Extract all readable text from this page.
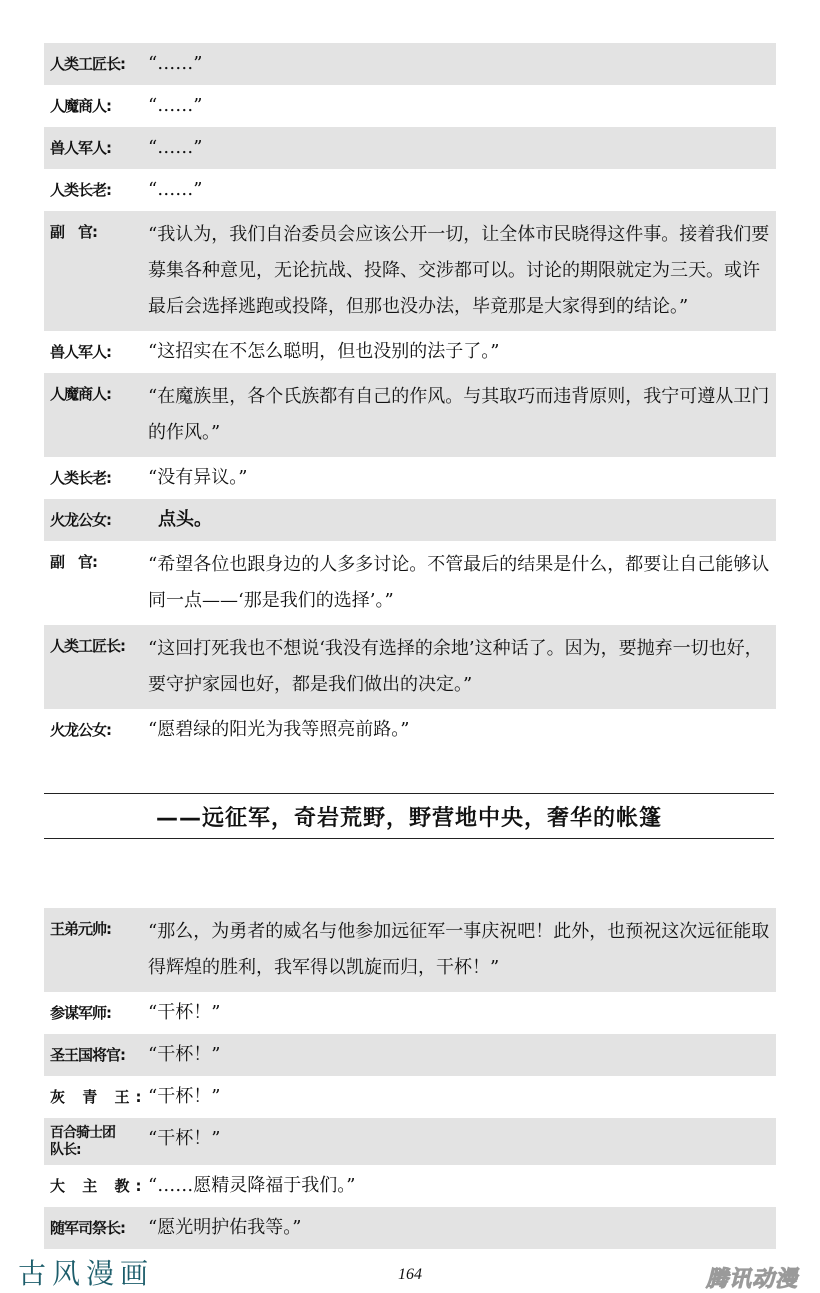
人类工匠长:	“……”
人魔商人:	“……”
兽人军人:	“……”
人类长老:	“……”
副　官:	“我认为，我们自治委员会应该公开一切，让全体市民晓得这件事。接着我们要募集各种意见，无论抗战、投降、交涉都可以。讨论的期限就定为三天。或许最后会选择逃跑或投降，但那也没办法，毕竟那是大家得到的结论。”
兽人军人:	“这招实在不怎么聪明，但也没别的法子了。”
人魔商人:	“在魔族里，各个氏族都有自己的作风。与其取巧而违背原则，我宁可遵从卫门的作风。”
人类长老:	“没有异议。”
火龙公女:	点头。
副　官:	“希望各位也跟身边的人多多讨论。不管最后的结果是什么，都要让自己能够认同一点——‘那是我们的选择’。”
人类工匠长:	“这回打死我也不想说‘我没有选择的余地’这种话了。因为，要抛弃一切也好，要守护家园也好，都是我们做出的决定。”
火龙公女:	“愿碧绿的阳光为我等照亮前路。”
——远征军，奇岩荒野，野营地中央，奢华的帐篷
王弟元帅:	“那么，为勇者的威名与他参加远征军一事庆祝吧！此外，也预祝这次远征能取得辉煌的胜利，我军得以凯旋而归，干杯！”
参谋军师:	“干杯！”
圣王国将官:	“干杯！”
灰 青 王: “干杯！”
百合骑士团
队长:
“干杯！”
大 主 教: “……愿精灵降福于我们。”
随军司祭长:	“愿光明护佑我等。”
古风漫画	164	腾讯动漫
